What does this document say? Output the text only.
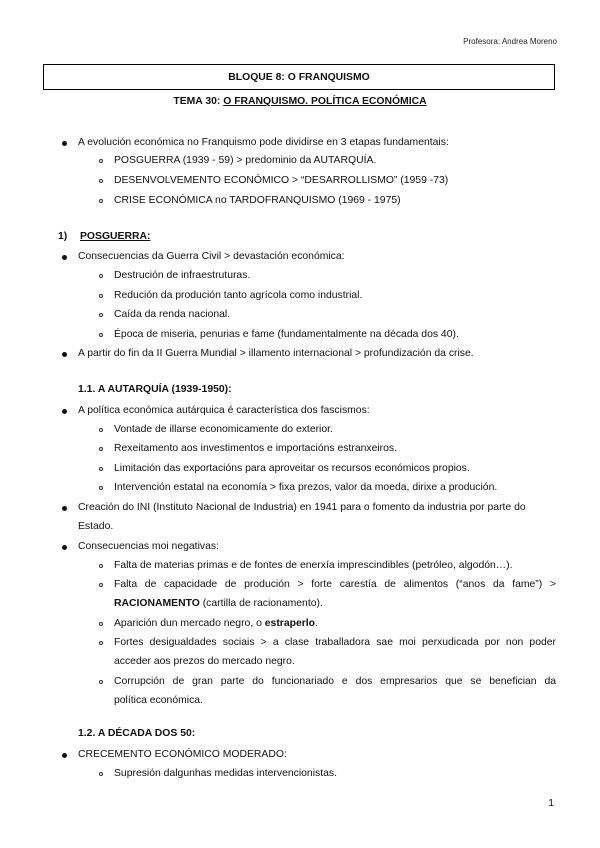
Profesora: Andrea Moreno
BLOQUE 8: O FRANQUISMO
TEMA 30: O FRANQUISMO. POLÍTICA ECONÓMICA
A evolución económica no Franquismo pode dividirse en 3 etapas fundamentais:
POSGUERRA (1939 - 59) > predominio da AUTARQUÍA.
DESENVOLVEMENTO ECONÓMICO > “DESARROLLISMO” (1959 -73)
CRISE ECONÓMICA no TARDOFRANQUISMO (1969 - 1975)
1) POSGUERRA:
Consecuencias da Guerra Civil > devastación económica:
Destrución de infraestruturas.
Redución da produción tanto agrícola como industrial.
Caída da renda nacional.
Época de miseria, penurias e fame (fundamentalmente na década dos 40).
A partir do fin da II Guerra Mundial > illamento internacional > profundización da crise.
1.1. A AUTARQUÍA (1939-1950):
A política económica autárquica é característica dos fascismos:
Vontade de illarse economicamente do exterior.
Rexeitamento aos investimentos e importacións estranxeiros.
Limitación das exportacións para aproveitar os recursos económicos propios.
Intervención estatal na economía > fixa prezos, valor da moeda, dirixe a produción.
Creación do INI (Instituto Nacional de Industria) en 1941 para o fomento da industria por parte do
Estado.
Consecuencias moi negativas:
Falta de materias primas e de fontes de enerxía imprescindibles (petróleo, algodón…).
Falta de capacidade de produción > forte carestía de alimentos (“anos da fame”) >
RACIONAMENTO (cartilla de racionamento).
Aparición dun mercado negro, o estraperlo.
Fortes desigualdades sociais > a clase traballadora sae moi perxudicada por non poder
acceder aos prezos do mercado negro.
Corrupción de gran parte do funcionariado e dos empresarios que se benefician da
política económica.
1.2. A DÉCADA DOS 50:
CRECEMENTO ECONÓMICO MODERADO:
Supresión dalgunhas medidas intervencionistas.
1
